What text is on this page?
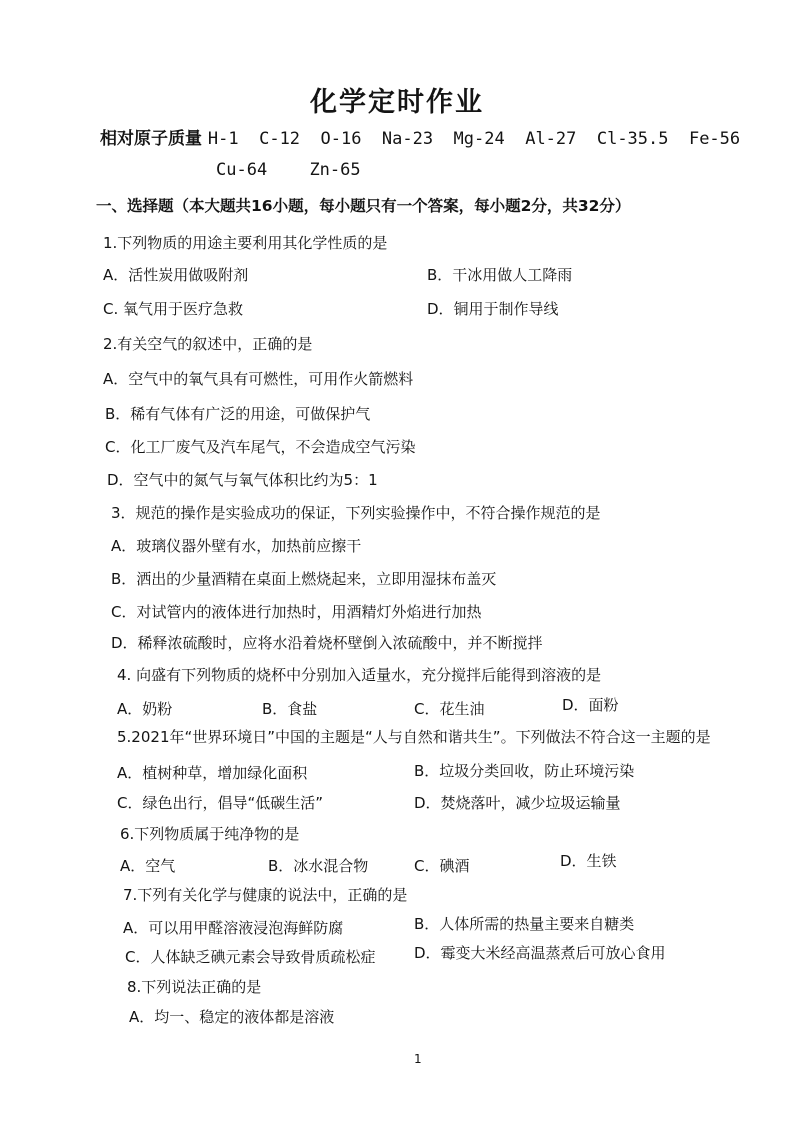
化学定时作业
相对原子质量 H-1  C-12  O-16  Na-23  Mg-24  Al-27  Cl-35.5  Fe-56
Cu-64 Zn-65
一、选择题（本大题共16小题，每小题只有一个答案，每小题2分，共32分）
1.下列物质的用途主要利用其化学性质的是
A．活性炭用做吸附剂	B．干冰用做人工降雨
C. 氧气用于医疗急救	D．铜用于制作导线
2.有关空气的叙述中，正确的是
A．空气中的氧气具有可燃性，可用作火箭燃料
B．稀有气体有广泛的用途，可做保护气
C．化工厂废气及汽车尾气，不会造成空气污染
D．空气中的氮气与氧气体积比约为5：1
3．规范的操作是实验成功的保证，下列实验操作中，不符合操作规范的是
A．玻璃仪器外壁有水，加热前应擦干
B．洒出的少量酒精在桌面上燃烧起来，立即用湿抹布盖灭
C．对试管内的液体进行加热时，用酒精灯外焰进行加热
D．稀释浓硫酸时，应将水沿着烧杯壁倒入浓硫酸中，并不断搅拌
4. 向盛有下列物质的烧杯中分别加入适量水，充分搅拌后能得到溶液的是
A．奶粉	B．食盐	C．花生油	D．面粉
5.2021年“世界环境日”中国的主题是“人与自然和谐共生”。下列做法不符合这一主题的是
A．植树种草，增加绿化面积	B．垃圾分类回收，防止环境污染
C．绿色出行，倡导“低碳生活”	D．焚烧落叶，减少垃圾运输量
6.下列物质属于纯净物的是
A．空气	B．冰水混合物	C．碘酒	D．生铁
7.下列有关化学与健康的说法中，正确的是
A．可以用甲醛溶液浸泡海鲜防腐	B．人体所需的热量主要来自糖类
C．人体缺乏碘元素会导致骨质疏松症	D．霉变大米经高温蒸煮后可放心食用
8.下列说法正确的是
A．均一、稳定的液体都是溶液
1
